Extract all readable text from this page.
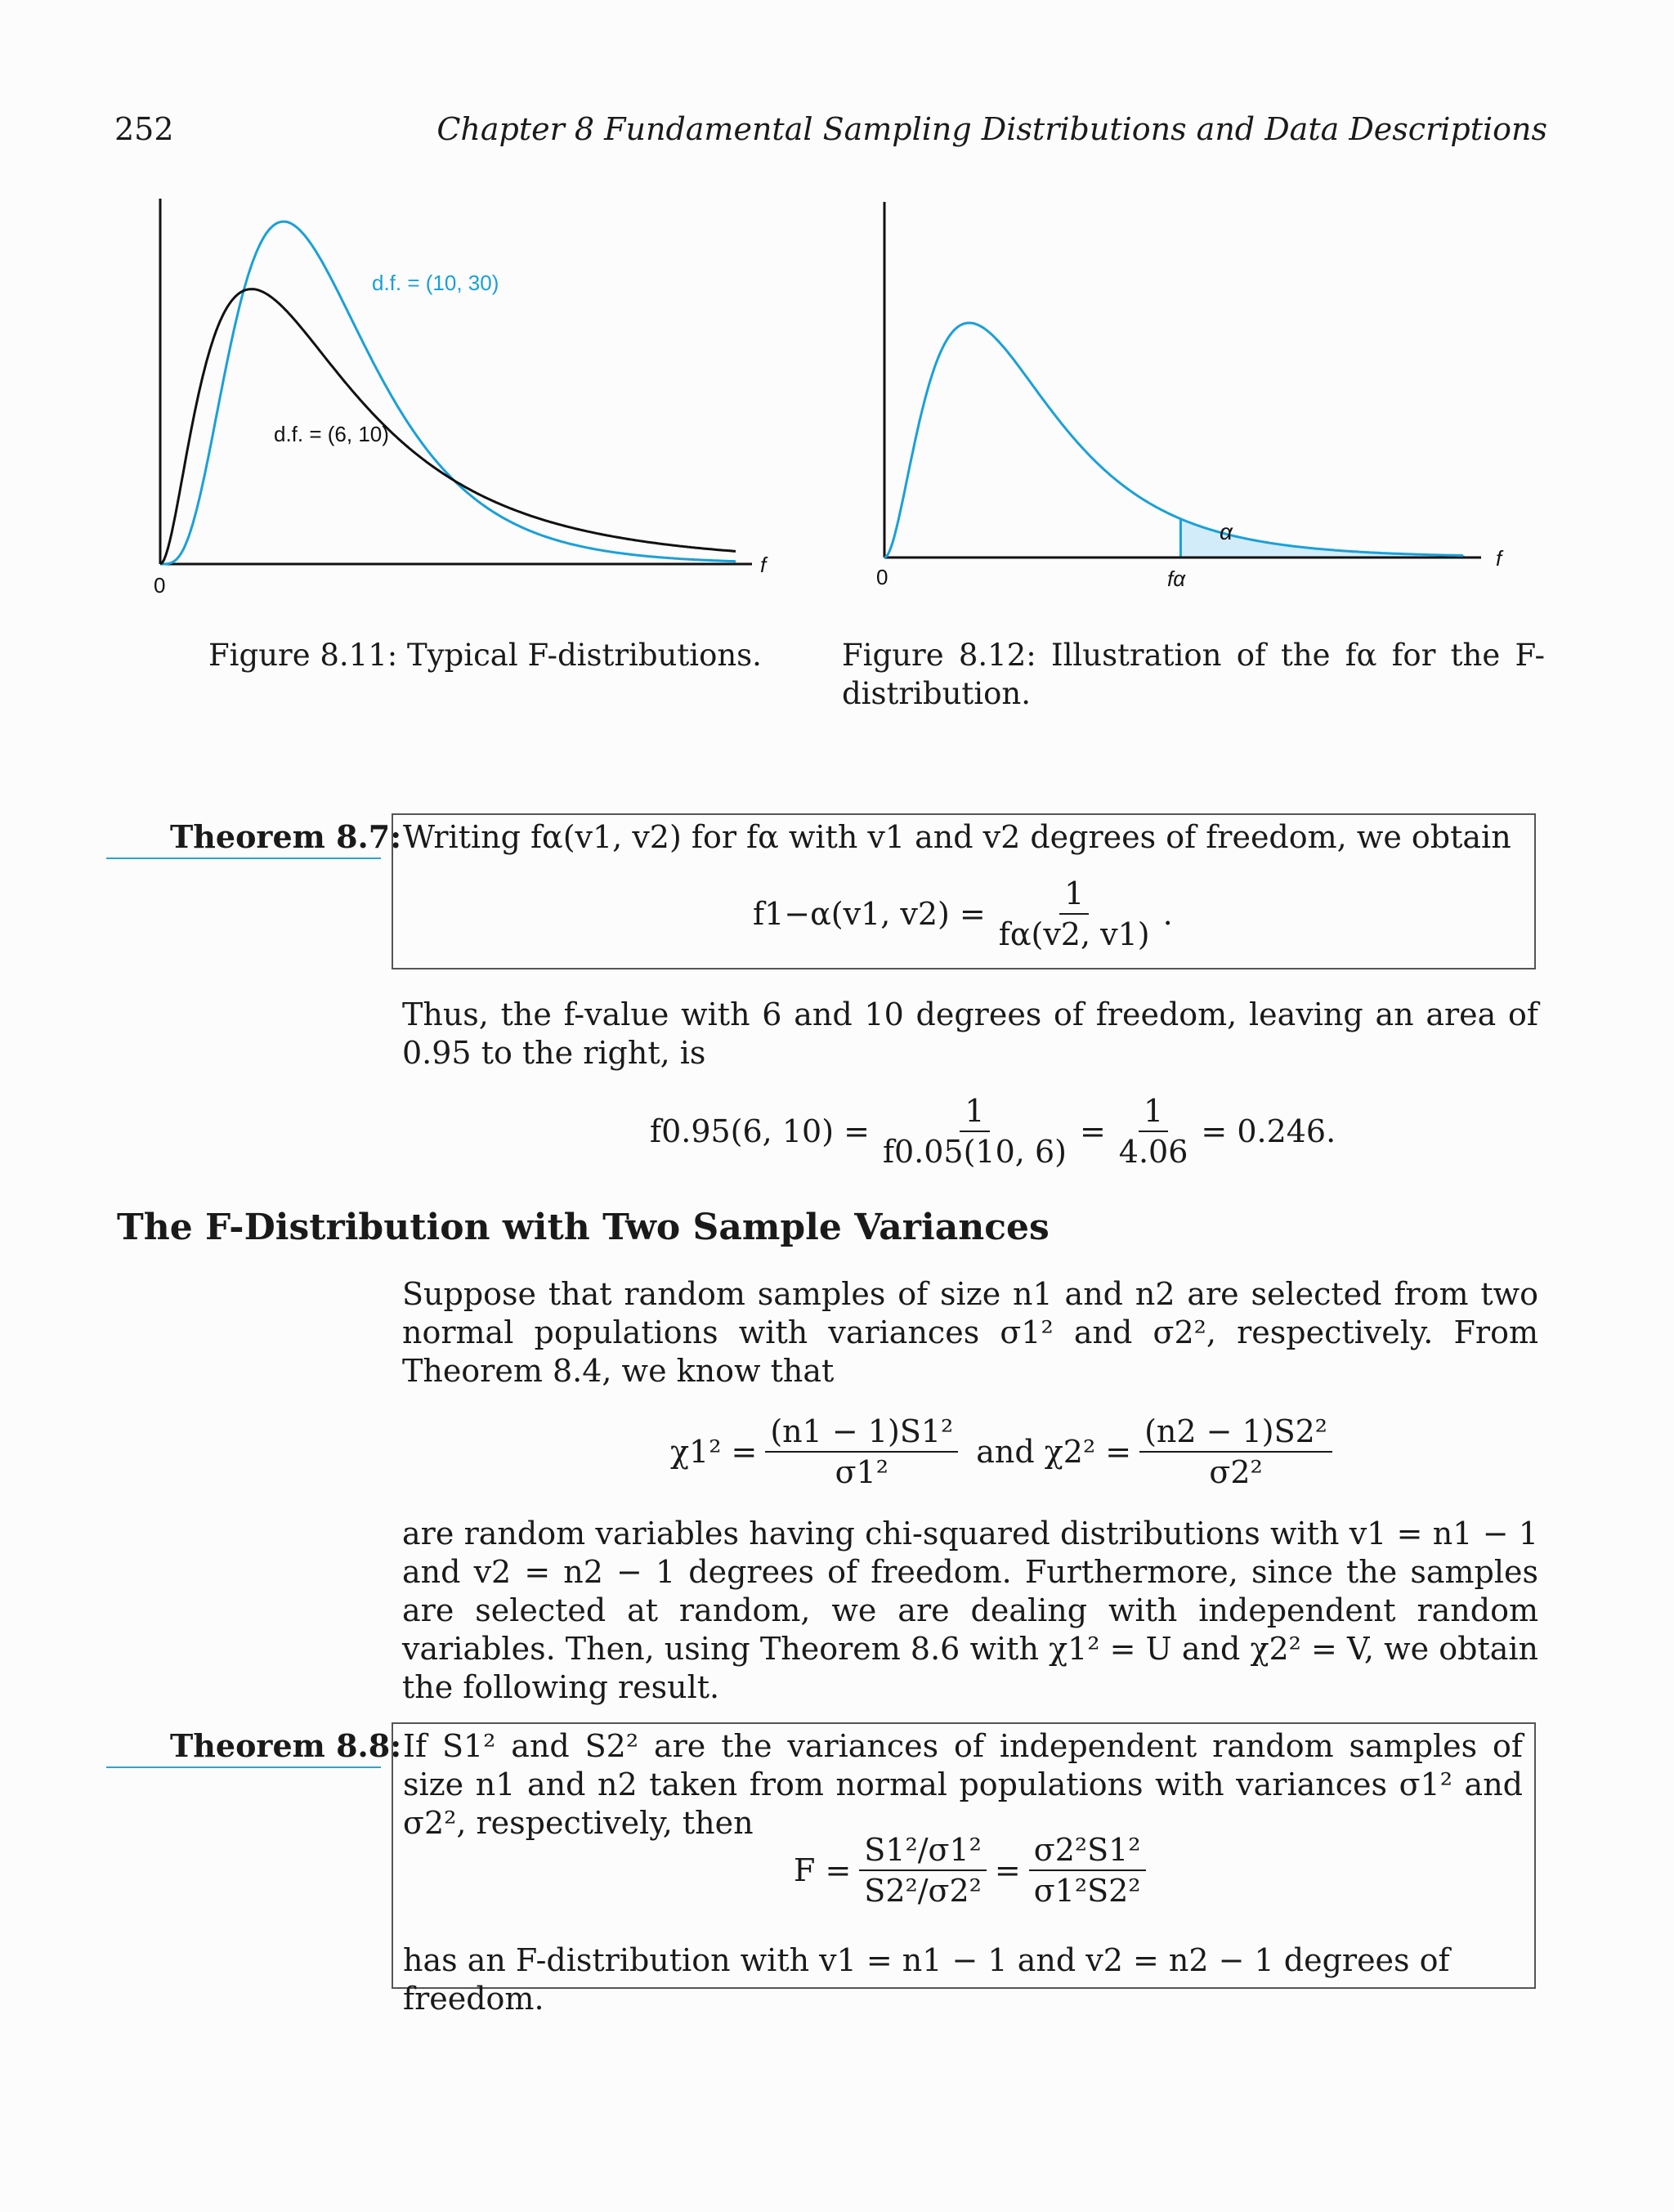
252	Chapter 8 Fundamental Sampling Distributions and Data Descriptions
d.f. = (10, 30)
d.f. = (6, 10)
0
f
Figure 8.11: Typical F-distributions.
0
f
fα
α
Figure 8.12: Illustration of the fα for the F-distribution.
Theorem 8.7: Writing fα(v1, v2) for fα with v1 and v2 degrees of freedom, we obtain
f1−α(v1, $v2) = \frac{1}{f\alpha(v2, v1)}$ .
Thus, the f-value with 6 and 10 degrees of freedom, leaving an area of 0.95 to the right, is
f0.95(6, $10) = \frac{1}{f0.05(10, 6)} = \frac{1}{4.06} = 0.246$.
The F-Distribution with Two Sample Variances
Suppose that random samples of size n1 and n2 are selected from two normal populations with variances σ1² and σ2², respectively. From Theorem 8.4, we know that
$\chi 1^2 = \frac{\text{(n1 − 1)S1²}}{\text{σ1²}}$ and $\chi 2^2 = \frac{\text{(n2 − 1)S2²}}{\text{σ2²}}$
are random variables having chi-squared distributions with v1 = n1 − 1 and v2 = n2 − 1 degrees of freedom. Furthermore, since the samples are selected at random, we are dealing with independent random variables. Then, using Theorem 8.6 with χ1² = U and χ2² = V, we obtain the following result.
Theorem 8.8: If S1² and S2² are the variances of independent random samples of size n1 and n2 taken from normal populations with variances σ1² and σ2², respectively, then
$F = \frac{\text{S1²/σ1²}}{\text{S2²/σ2²}} = \frac{\text{σ2²S1²}}{\text{σ1²S2²}}$
has an F-distribution with v1 = n1 − 1 and v2 = n2 − 1 degrees of freedom.
